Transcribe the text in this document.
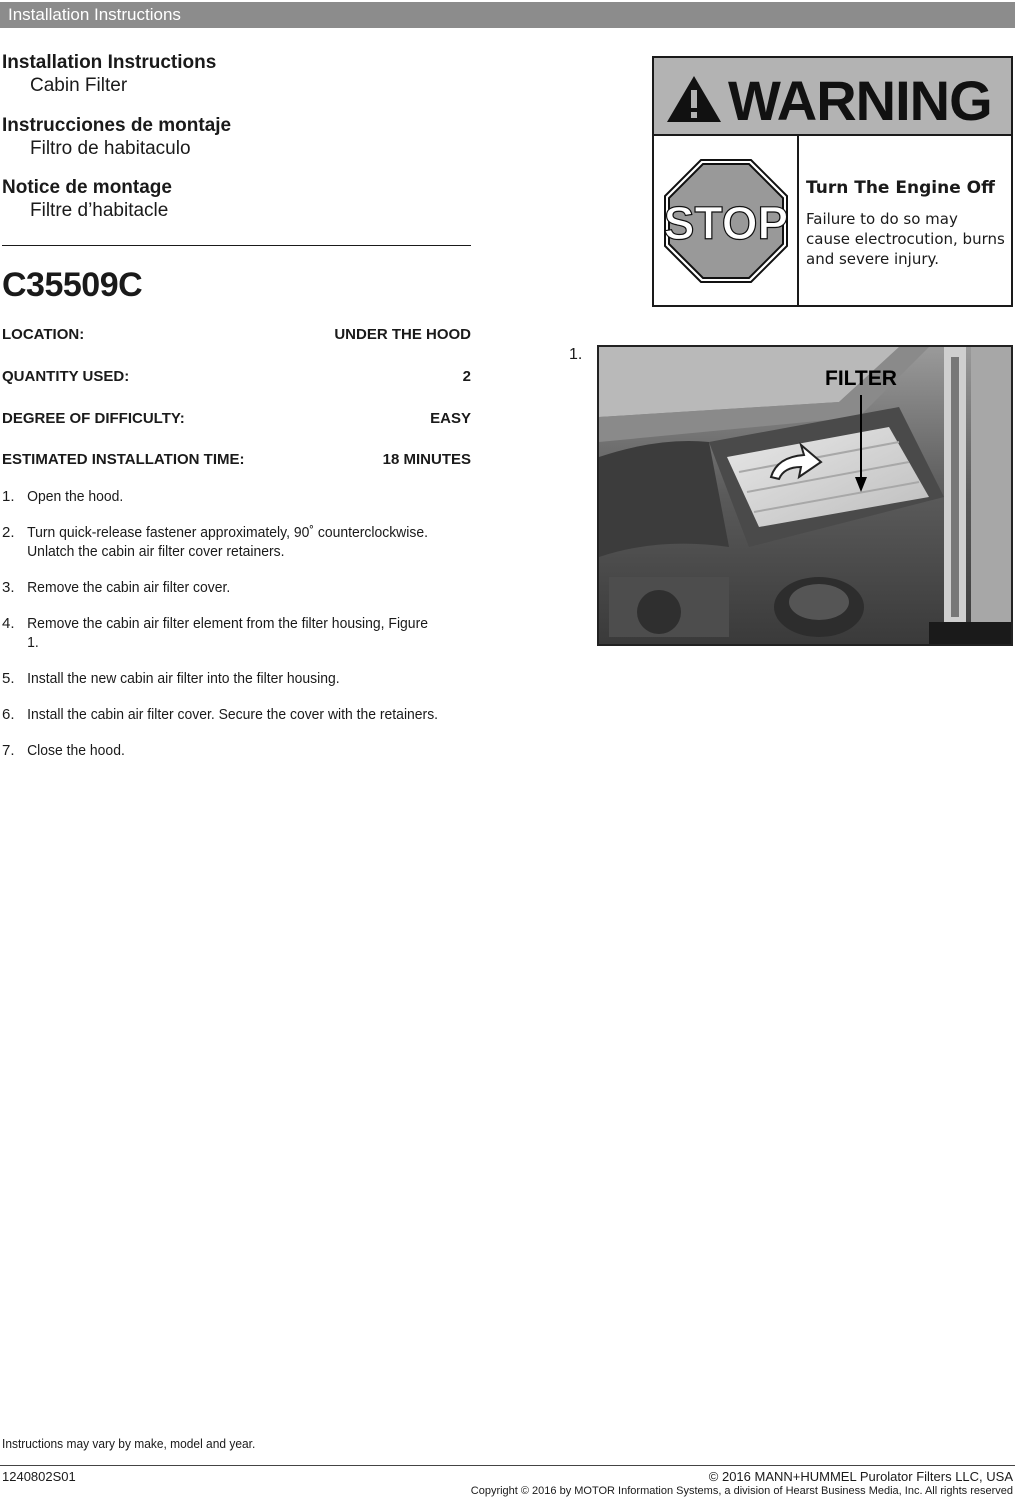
Installation Instructions
Installation Instructions
Cabin Filter
Instrucciones de montaje
Filtro de habitaculo
Notice de montage
Filtre d’habitacle
C35509C
LOCATION:	UNDER THE HOOD
QUANTITY USED:	2
DEGREE OF DIFFICULTY:	EASY
ESTIMATED INSTALLATION TIME:	18 MINUTES
1. Open the hood.
2. Turn quick-release fastener approximately, 90˚ counterclockwise. Unlatch the cabin air filter cover retainers.
3. Remove the cabin air filter cover.
4. Remove the cabin air filter element from the filter housing, Figure 1.
5. Install the new cabin air filter into the filter housing.
6. Install the cabin air filter cover. Secure the cover with the retainers.
7. Close the hood.
WARNING
STOP
Turn The Engine Off
Failure to do so may cause electrocution, burns and severe injury.
1.
FILTER
Instructions may vary by make, model and year.
1240802S01	© 2016 MANN+HUMMEL Purolator Filters LLC, USA
Copyright © 2016 by MOTOR Information Systems, a division of Hearst Business Media, Inc. All rights reserved
